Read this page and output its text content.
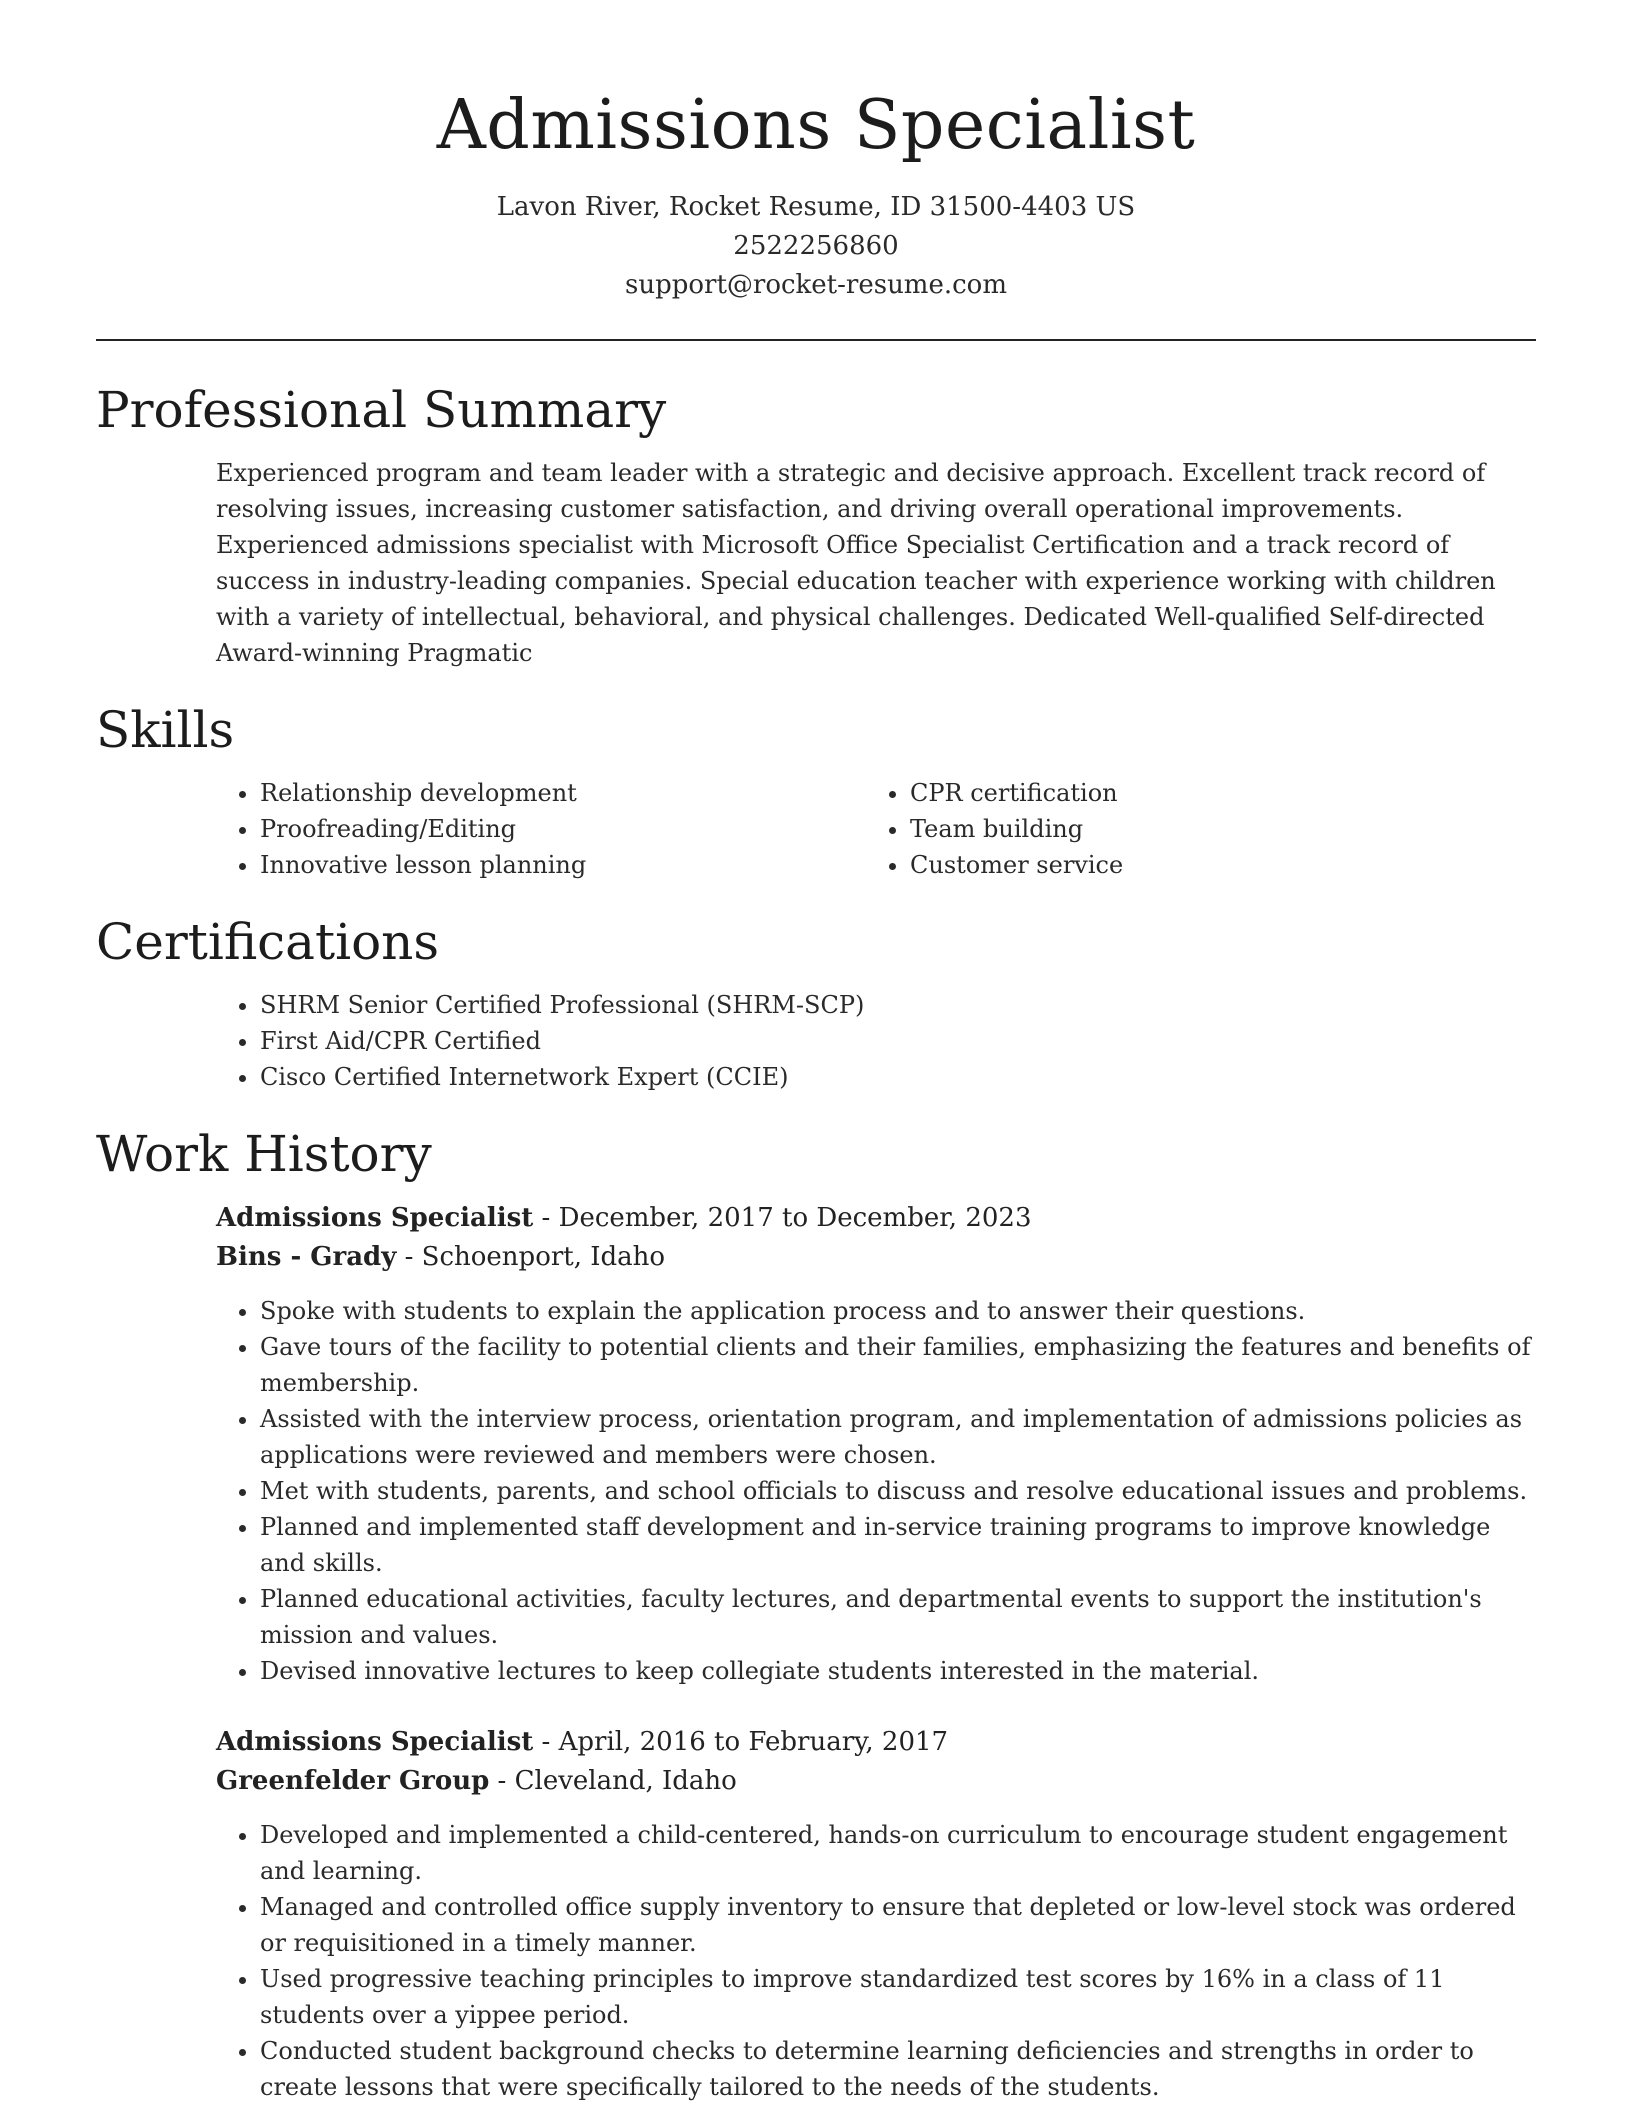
Admissions Specialist
Lavon River, Rocket Resume, ID 31500-4403 US
2522256860
support@rocket-resume.com
Professional Summary

Experienced program and team leader with a strategic and decisive approach. Excellent track record of resolving issues, increasing customer satisfaction, and driving overall operational improvements. Experienced admissions specialist with Microsoft Office Specialist Certification and a track record of success in industry-leading companies. Special education teacher with experience working with children with a variety of intellectual, behavioral, and physical challenges. Dedicated Well-qualified Self-directed Award-winning Pragmatic

Skills
• Relationship development
• Proofreading/Editing
• Innovative lesson planning
• CPR certification
• Team building
• Customer service
Certifications
• SHRM Senior Certified Professional (SHRM-SCP)
• First Aid/CPR Certified
• Cisco Certified Internetwork Expert (CCIE)
Work History
Admissions Specialist - December, 2017 to December, 2023
Bins - Grady - Schoenport, Idaho
• Spoke with students to explain the application process and to answer their questions.
• Gave tours of the facility to potential clients and their families, emphasizing the features and benefits of membership.
• Assisted with the interview process, orientation program, and implementation of admissions policies as applications were reviewed and members were chosen.
• Met with students, parents, and school officials to discuss and resolve educational issues and problems.
• Planned and implemented staff development and in-service training programs to improve knowledge and skills.
• Planned educational activities, faculty lectures, and departmental events to support the institution's mission and values.
• Devised innovative lectures to keep collegiate students interested in the material.
Admissions Specialist - April, 2016 to February, 2017
Greenfelder Group - Cleveland, Idaho
• Developed and implemented a child-centered, hands-on curriculum to encourage student engagement and learning.
• Managed and controlled office supply inventory to ensure that depleted or low-level stock was ordered or requisitioned in a timely manner.
• Used progressive teaching principles to improve standardized test scores by 16% in a class of 11 students over a yippee period.
• Conducted student background checks to determine learning deficiencies and strengths in order to create lessons that were specifically tailored to the needs of the students.
